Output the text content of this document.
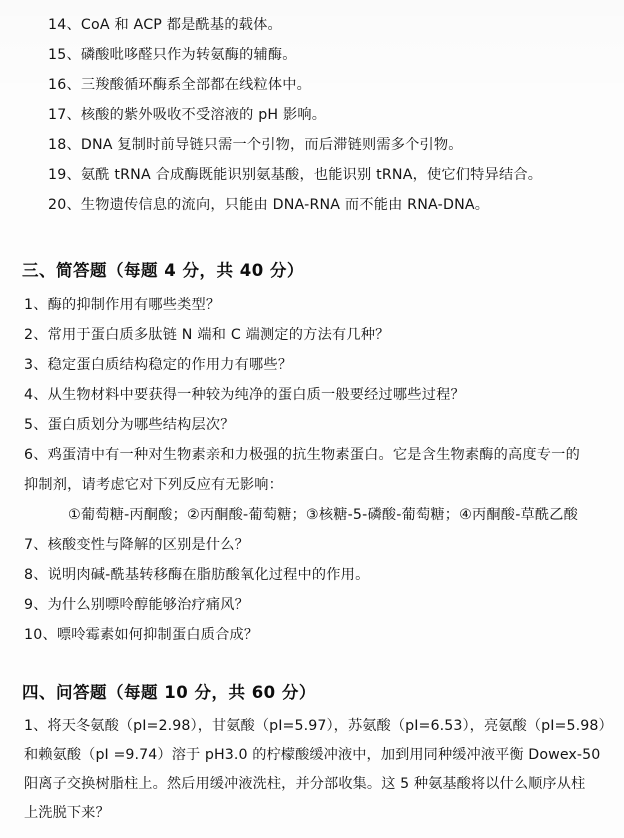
14、CoA 和 ACP 都是酰基的载体。
15、磷酸吡哆醛只作为转氨酶的辅酶。
16、三羧酸循环酶系全部都在线粒体中。
17、核酸的紫外吸收不受溶液的 pH 影响。
18、DNA 复制时前导链只需一个引物，而后滞链则需多个引物。
19、氨酰 tRNA 合成酶既能识别氨基酸，也能识别 tRNA，使它们特异结合。
20、生物遗传信息的流向，只能由 DNA-RNA 而不能由 RNA-DNA。
三、简答题（每题 4 分，共 40 分）
1、酶的抑制作用有哪些类型？
2、常用于蛋白质多肽链 N 端和 C 端测定的方法有几种？
3、稳定蛋白质结构稳定的作用力有哪些？
4、从生物材料中要获得一种较为纯净的蛋白质一般要经过哪些过程？
5、蛋白质划分为哪些结构层次？
6、鸡蛋清中有一种对生物素亲和力极强的抗生物素蛋白。它是含生物素酶的高度专一的
抑制剂，请考虑它对下列反应有无影响：
①葡萄糖-丙酮酸；②丙酮酸-葡萄糖；③核糖-5-磷酸-葡萄糖；④丙酮酸-草酰乙酸
7、核酸变性与降解的区别是什么？
8、说明肉碱-酰基转移酶在脂肪酸氧化过程中的作用。
9、为什么别嘌呤醇能够治疗痛风？
10、嘌呤霉素如何抑制蛋白质合成？
四、问答题（每题 10 分，共 60 分）
1、将天冬氨酸（pI=2.98），甘氨酸（pI=5.97），苏氨酸（pI=6.53），亮氨酸（pI=5.98）
和赖氨酸（pI =9.74）溶于 pH3.0 的柠檬酸缓冲液中，加到用同种缓冲液平衡 Dowex-50
阳离子交换树脂柱上。然后用缓冲液洗柱，并分部收集。这 5 种氨基酸将以什么顺序从柱
上洗脱下来？
